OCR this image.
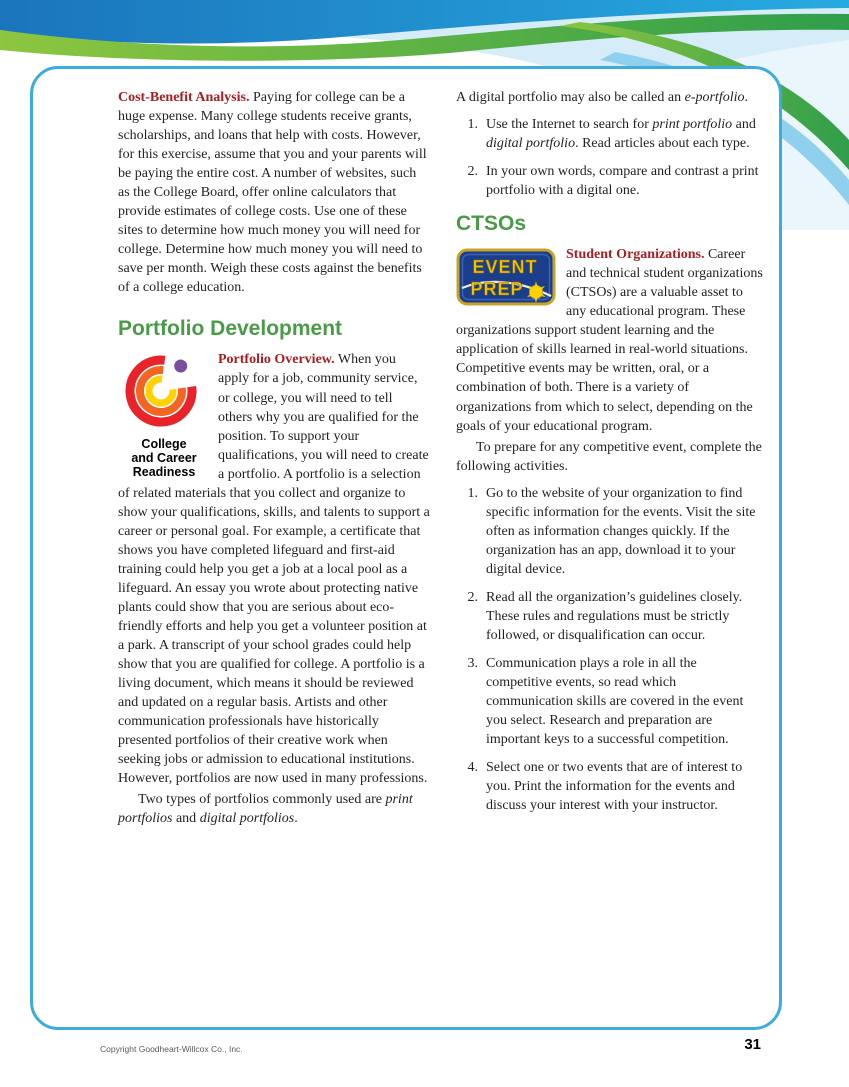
Cost-Benefit Analysis. Paying for college can be a huge expense. Many college students receive grants, scholarships, and loans that help with costs. However, for this exercise, assume that you and your parents will be paying the entire cost. A number of websites, such as the College Board, offer online calculators that provide estimates of college costs. Use one of these sites to determine how much money you will need for college. Determine how much money you will need to save per month. Weigh these costs against the benefits of a college education.

Portfolio Development
College
and Career
Readiness

Portfolio Overview. When you apply for a job, community service, or college, you will need to tell others why you are qualified for the position. To support your qualifications, you will need to create a portfolio. A portfolio is a selection of related materials that you collect and organize to show your qualifications, skills, and talents to support a career or personal goal. For example, a certificate that shows you have completed lifeguard and first-aid training could help you get a job at a local pool as a lifeguard. An essay you wrote about protecting native plants could show that you are serious about eco-friendly efforts and help you get a volunteer position at a park. A transcript of your school grades could help show that you are qualified for college. A portfolio is a living document, which means it should be reviewed and updated on a regular basis. Artists and other communication professionals have historically presented portfolios of their creative work when seeking jobs or admission to educational institutions. However, portfolios are now used in many professions.

Two types of portfolios commonly used are print portfolios and digital portfolios.

A digital portfolio may also be called an e-portfolio.

1. Use the Internet to search for print portfolio and digital portfolio. Read articles about each type.
2. In your own words, compare and contrast a print portfolio with a digital one.
CTSOs
EVENT
PREP

Student Organizations. Career and technical student organizations (CTSOs) are a valuable asset to any educational program. These organizations support student learning and the application of skills learned in real-world situations. Competitive events may be written, oral, or a combination of both. There is a variety of organizations from which to select, depending on the goals of your educational program.

To prepare for any competitive event, complete the following activities.

1. Go to the website of your organization to find specific information for the events. Visit the site often as information changes quickly. If the organization has an app, download it to your digital device.
2. Read all the organization’s guidelines closely. These rules and regulations must be strictly followed, or disqualification can occur.
3. Communication plays a role in all the competitive events, so read which communication skills are covered in the event you select. Research and preparation are important keys to a successful competition.
4. Select one or two events that are of interest to you. Print the information for the events and discuss your interest with your instructor.
Copyright Goodheart-Willcox Co., Inc.	31
